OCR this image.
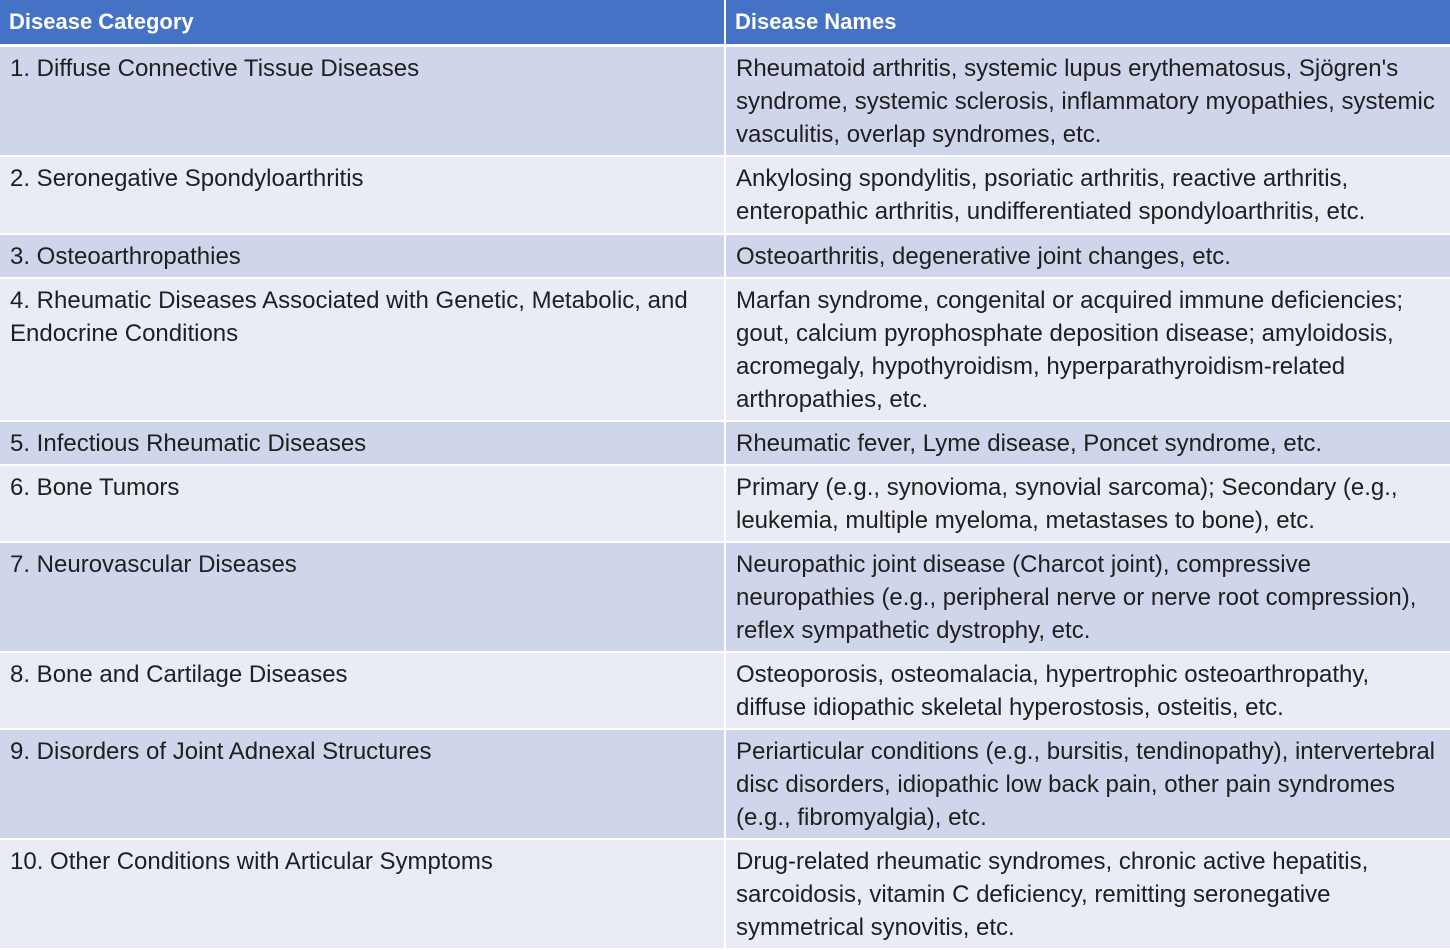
Disease Category	Disease Names
1. Diffuse Connective Tissue Diseases	Rheumatoid arthritis, systemic lupus erythematosus, Sjögren's syndrome, systemic sclerosis, inflammatory myopathies, systemic vasculitis, overlap syndromes, etc.
2. Seronegative Spondyloarthritis	Ankylosing spondylitis, psoriatic arthritis, reactive arthritis, enteropathic arthritis, undifferentiated spondyloarthritis, etc.
3. Osteoarthropathies	Osteoarthritis, degenerative joint changes, etc.
4. Rheumatic Diseases Associated with Genetic, Metabolic, and Endocrine Conditions	Marfan syndrome, congenital or acquired immune deficiencies; gout, calcium pyrophosphate deposition disease; amyloidosis, acromegaly, hypothyroidism, hyperparathyroidism-related arthropathies, etc.
5. Infectious Rheumatic Diseases	Rheumatic fever, Lyme disease, Poncet syndrome, etc.
6. Bone Tumors	Primary (e.g., synovioma, synovial sarcoma); Secondary (e.g., leukemia, multiple myeloma, metastases to bone), etc.
7. Neurovascular Diseases	Neuropathic joint disease (Charcot joint), compressive neuropathies (e.g., peripheral nerve or nerve root compression), reflex sympathetic dystrophy, etc.
8. Bone and Cartilage Diseases	Osteoporosis, osteomalacia, hypertrophic osteoarthropathy, diffuse idiopathic skeletal hyperostosis, osteitis, etc.
9. Disorders of Joint Adnexal Structures	Periarticular conditions (e.g., bursitis, tendinopathy), intervertebral disc disorders, idiopathic low back pain, other pain syndromes (e.g., fibromyalgia), etc.
10. Other Conditions with Articular Symptoms	Drug-related rheumatic syndromes, chronic active hepatitis, sarcoidosis, vitamin C deficiency, remitting seronegative symmetrical synovitis, etc.
